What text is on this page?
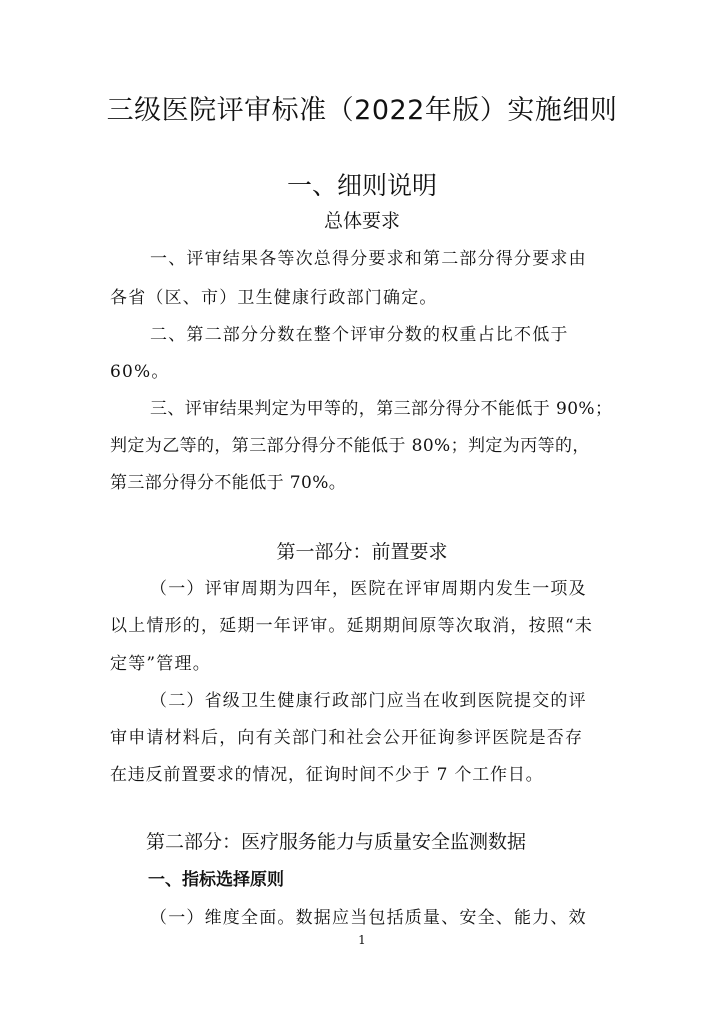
三级医院评审标准（2022年版）实施细则
一、细则说明
总体要求
一、评审结果各等次总得分要求和第二部分得分要求由
各省（区、市）卫生健康行政部门确定。
二、第二部分分数在整个评审分数的权重占比不低于
60%。
三、评审结果判定为甲等的，第三部分得分不能低于 90%；
判定为乙等的，第三部分得分不能低于 80%；判定为丙等的，
第三部分得分不能低于 70%。
第一部分：前置要求
（一）评审周期为四年，医院在评审周期内发生一项及
以上情形的，延期一年评审。延期期间原等次取消，按照“未
定等”管理。
（二）省级卫生健康行政部门应当在收到医院提交的评
审申请材料后，向有关部门和社会公开征询参评医院是否存
在违反前置要求的情况，征询时间不少于 7 个工作日。
第二部分：医疗服务能力与质量安全监测数据
一、指标选择原则
（一）维度全面。数据应当包括质量、安全、能力、效
1
